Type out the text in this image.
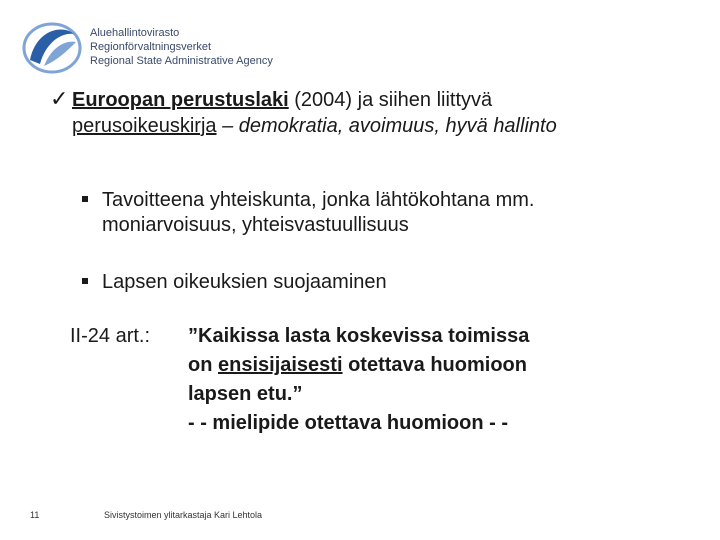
Aluehallintovirasto
Regionförvaltningsverket
Regional State Administrative Agency
✓ Euroopan perustuslaki (2004) ja siihen liittyvä
perusoikeuskirja – demokratia, avoimuus, hyvä hallinto
Tavoitteena yhteiskunta, jonka lähtökohtana mm.
moniarvoisuus, yhteisvastuullisuus
Lapsen oikeuksien suojaaminen
II-24 art.: ”Kaikissa lasta koskevissa toimissa
on ensisijaisesti otettava huomioon
lapsen etu.”
- - mielipide otettava huomioon - -
11	Sivistystoimen ylitarkastaja Kari Lehtola
